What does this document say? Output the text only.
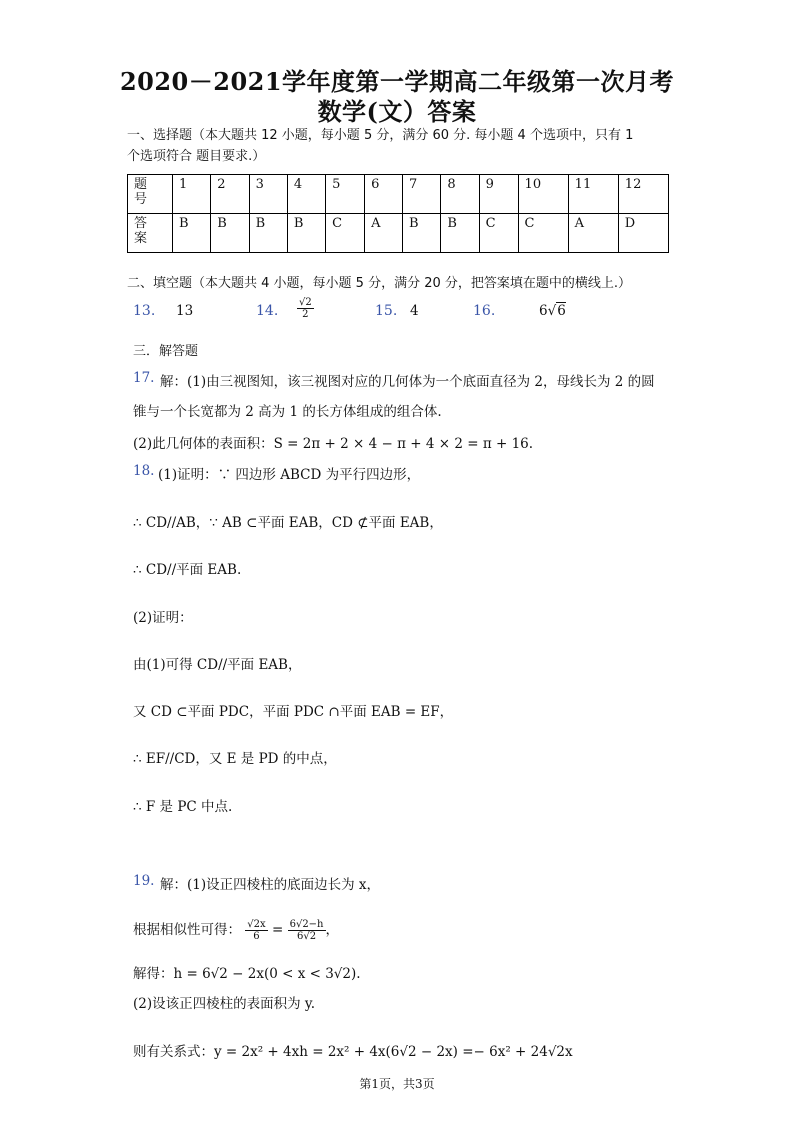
2020－2021学年度第一学期高二年级第一次月考
数学(文）答案
一、选择题（本大题共 12 小题，每小题 5 分，满分 60 分. 每小题 4 个选项中，只有 1
个选项符合 题目要求.）
题
号	1	2	3	4	5	6	7	8	9	10	11	12
答
案	B	B	B	B	C	A	B	B	C	C	A	D
二、填空题（本大题共 4 小题，每小题 5 分，满分 20 分，把答案填在题中的横线上.）
13. 13	14. $\frac{√2}{2}$	15. 4	16.	6√6
三．解答题
17. 解：(1)由三视图知，该三视图对应的几何体为一个底面直径为 2，母线长为 2 的圆
锥与一个长宽都为 2 高为 1 的长方体组成的组合体.
(2)此几何体的表面积：S = 2π + 2 × 4 − π + 4 × 2 = π + 16.
18. (1)证明：∵ 四边形 ABCD 为平行四边形，
∴ CD//AB，∵ AB ⊂平面 EAB，CD ⊄平面 EAB，
∴ CD//平面 EAB.
(2)证明：
由(1)可得 CD//平面 EAB，
又 CD ⊂平面 PDC，平面 PDC ∩平面 EAB = EF，
∴ EF//CD，又 E 是 PD 的中点，
∴ F 是 PC 中点.
19. 解：(1)设正四棱柱的底面边长为 x，
根据相似性可得： $\frac{√2x}{6} = \frac{6√2-h}{6√2}$ ，
解得：h = 6√2 − 2x(0 < x < 3√2).
(2)设该正四棱柱的表面积为 y.
则有关系式：y = 2x² + 4xh = 2x² + 4x(6√2 − 2x) =− 6x² + 24√2x
第1页，共3页
